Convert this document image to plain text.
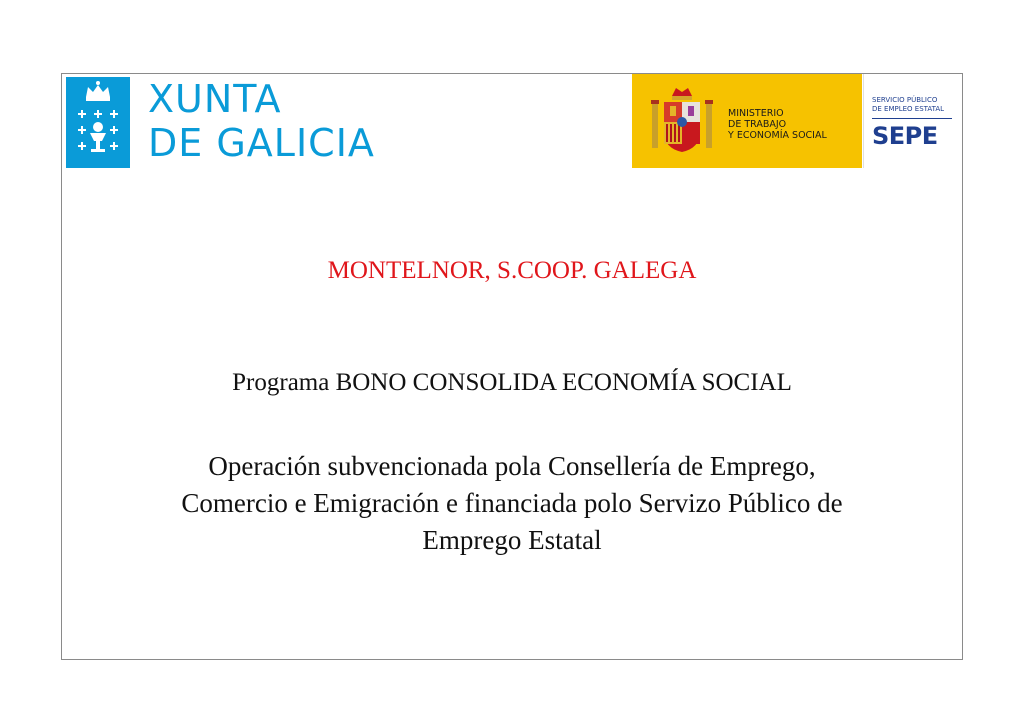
XUNTA
DE GALICIA
MINISTERIO
DE TRABAJO
Y ECONOMÍA SOCIAL
SERVICIO PÚBLICO
DE EMPLEO ESTATAL
SEPE
MONTELNOR, S.COOP. GALEGA
Programa BONO CONSOLIDA ECONOMÍA SOCIAL
Operación subvencionada pola Consellería de Emprego,
Comercio e Emigración e financiada polo Servizo Público de
Emprego Estatal
